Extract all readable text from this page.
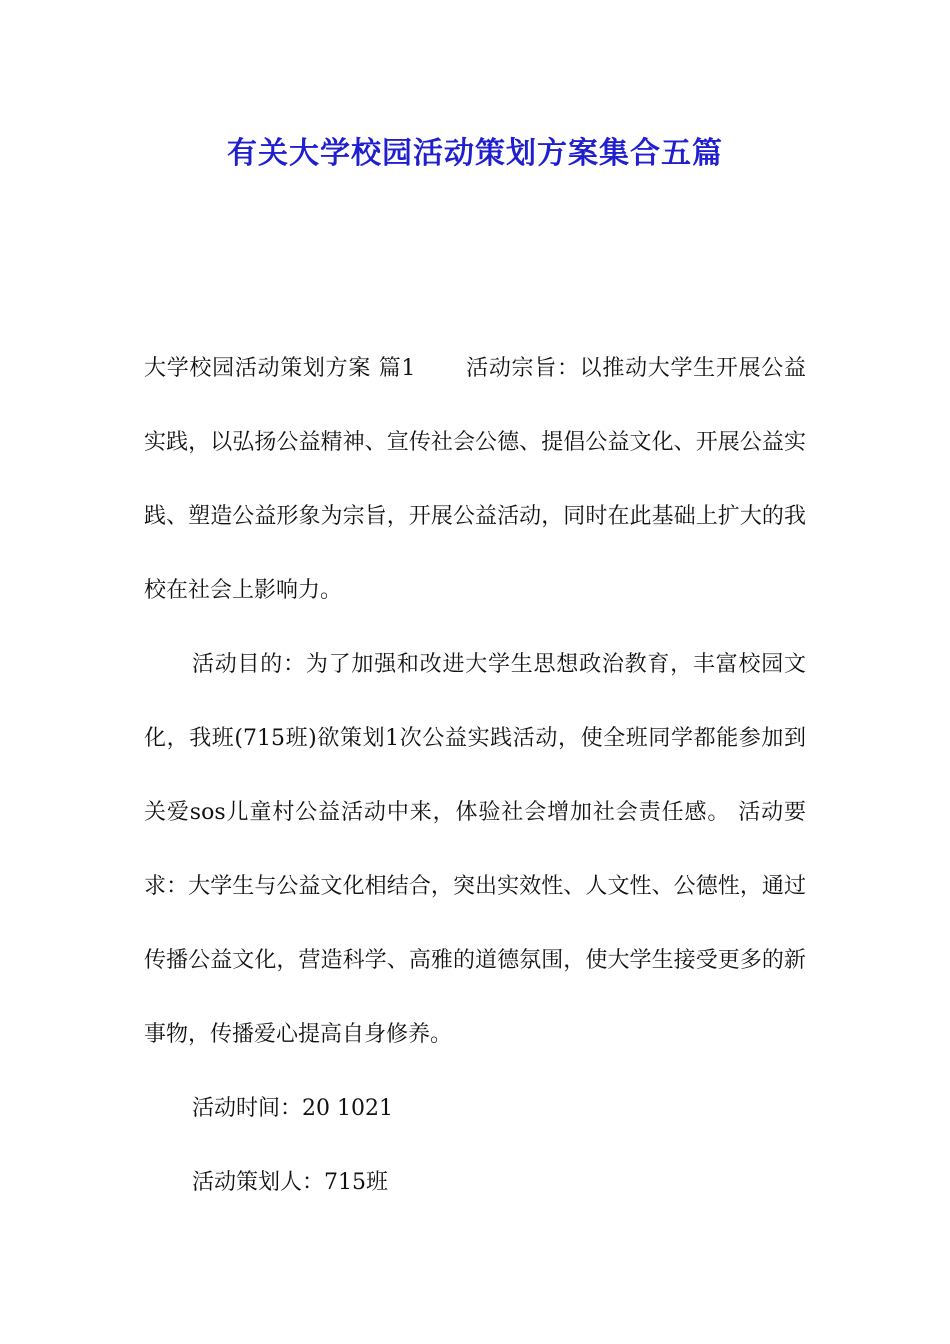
有关大学校园活动策划方案集合五篇

大学校园活动策划方案 篇1 活动宗旨：以推动大学生开展公益实践，以弘扬公益精神、宣传社会公德、提倡公益文化、开展公益实践、塑造公益形象为宗旨，开展公益活动，同时在此基础上扩大的我校在社会上影响力。

活动目的：为了加强和改进大学生思想政治教育，丰富校园文化，我班(715班)欲策划1次公益实践活动，使全班同学都能参加到关爱sos儿童村公益活动中来，体验社会增加社会责任感。 活动要求：大学生与公益文化相结合，突出实效性、人文性、公德性，通过传播公益文化，营造科学、高雅的道德氛围，使大学生接受更多的新事物，传播爱心提高自身修养。

活动时间：20 1021

活动策划人：715班
